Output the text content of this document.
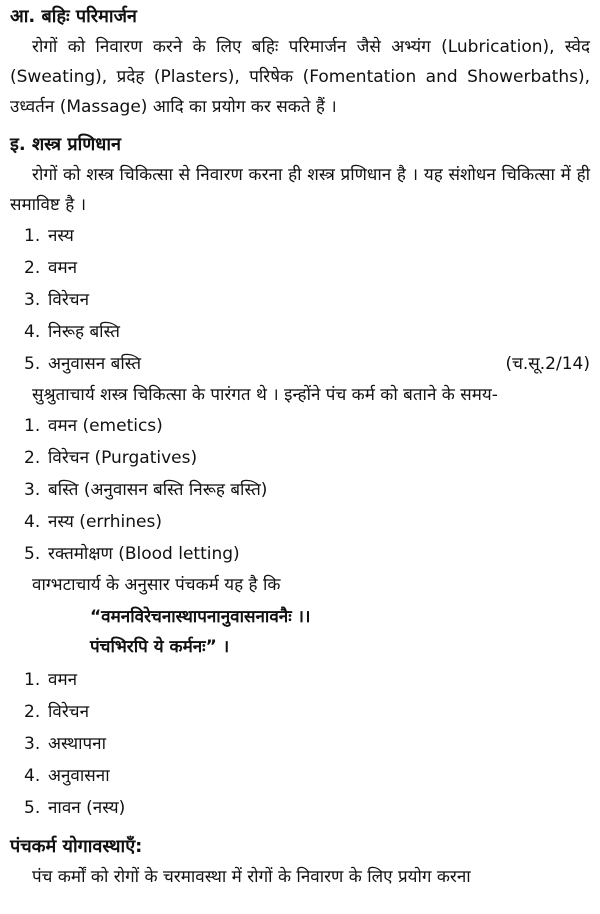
आ. बहिः परिमार्जन

रोगों को निवारण करने के लिए बहिः परिमार्जन जैसे अभ्यंग (Lubrication), स्वेद (Sweating), प्रदेह (Plasters), परिषेक (Fomentation and Showerbaths), उध्वर्तन (Massage) आदि का प्रयोग कर सकते हैं ।

इ. शस्त्र प्रणिधान

रोगों को शस्त्र चिकित्सा से निवारण करना ही शस्त्र प्रणिधान है । यह संशोधन चिकित्सा में ही समाविष्ट है ।

1. नस्य
2. वमन
3. विरेचन
4. निरूह बस्ति
5. अनुवासन बस्ति	(च.सू.2/14)

सुश्रुताचार्य शस्त्र चिकित्सा के पारंगत थे । इन्होंने पंच कर्म को बताने के समय-

1. वमन (emetics)
2. विरेचन (Purgatives)
3. बस्ति (अनुवासन बस्ति निरूह बस्ति)
4. नस्य (errhines)
5. रक्तमोक्षण (Blood letting)

वाग्भटाचार्य के अनुसार पंचकर्म यह है कि

“वमनविरेचनास्थापनानुवासनावनैः ।।
पंचभिरपि ये कर्मनः” ।
1. वमन
2. विरेचन
3. अस्थापना
4. अनुवासना
5. नावन (नस्य)
पंचकर्म योगावस्थाएँ:

पंच कर्मों को रोगों के चरमावस्था में रोगों के निवारण के लिए प्रयोग करना
